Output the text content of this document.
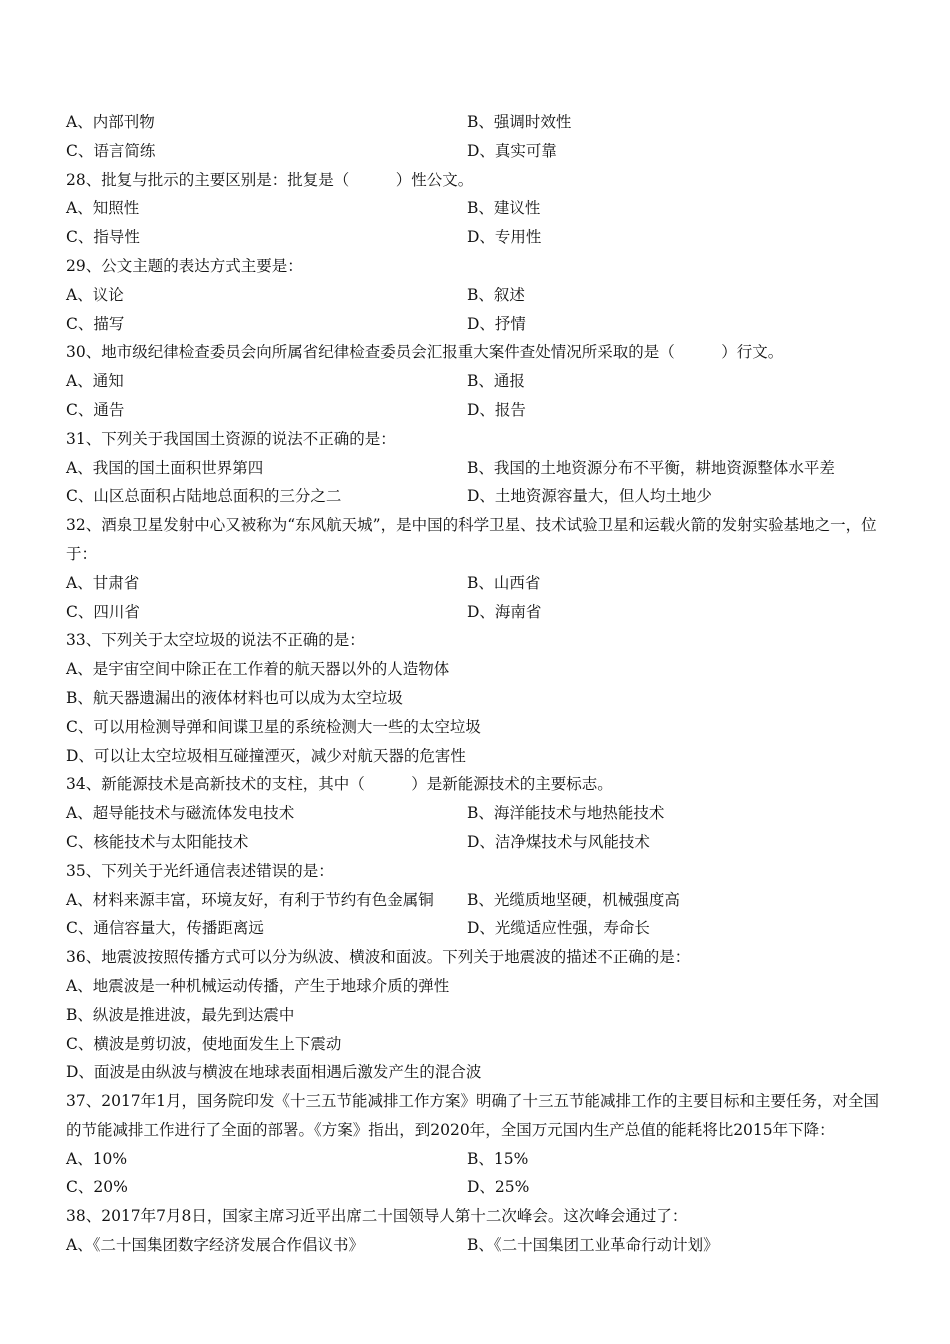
A、内部刊物	B、强调时效性
C、语言简练	D、真实可靠
28、批复与批示的主要区别是：批复是（　　　）性公文。
A、知照性	B、建议性
C、指导性	D、专用性
29、公文主题的表达方式主要是：
A、议论	B、叙述
C、描写	D、抒情
30、地市级纪律检查委员会向所属省纪律检查委员会汇报重大案件查处情况所采取的是（　　　）行文。
A、通知	B、通报
C、通告	D、报告
31、下列关于我国国土资源的说法不正确的是：
A、我国的国土面积世界第四	B、我国的土地资源分布不平衡，耕地资源整体水平差
C、山区总面积占陆地总面积的三分之二	D、土地资源容量大，但人均土地少
32、酒泉卫星发射中心又被称为“东风航天城”，是中国的科学卫星、技术试验卫星和运载火箭的发射实验基地之一，位于：
A、甘肃省	B、山西省
C、四川省	D、海南省
33、下列关于太空垃圾的说法不正确的是：
A、是宇宙空间中除正在工作着的航天器以外的人造物体
B、航天器遗漏出的液体材料也可以成为太空垃圾
C、可以用检测导弹和间谍卫星的系统检测大一些的太空垃圾
D、可以让太空垃圾相互碰撞湮灭，减少对航天器的危害性
34、新能源技术是高新技术的支柱，其中（　　　）是新能源技术的主要标志。
A、超导能技术与磁流体发电技术	B、海洋能技术与地热能技术
C、核能技术与太阳能技术	D、洁净煤技术与风能技术
35、下列关于光纤通信表述错误的是：
A、材料来源丰富，环境友好，有利于节约有色金属铜	B、光缆质地坚硬，机械强度高
C、通信容量大，传播距离远	D、光缆适应性强，寿命长
36、地震波按照传播方式可以分为纵波、横波和面波。下列关于地震波的描述不正确的是：
A、地震波是一种机械运动传播，产生于地球介质的弹性
B、纵波是推进波，最先到达震中
C、横波是剪切波，使地面发生上下震动
D、面波是由纵波与横波在地球表面相遇后激发产生的混合波
37、2017年1月，国务院印发《十三五节能减排工作方案》明确了十三五节能减排工作的主要目标和主要任务，对全国的节能减排工作进行了全面的部署。《方案》指出，到2020年，全国万元国内生产总值的能耗将比2015年下降：
A、10%	B、15%
C、20%	D、25%
38、2017年7月8日，国家主席习近平出席二十国领导人第十二次峰会。这次峰会通过了：
A、《二十国集团数字经济发展合作倡议书》	B、《二十国集团工业革命行动计划》
